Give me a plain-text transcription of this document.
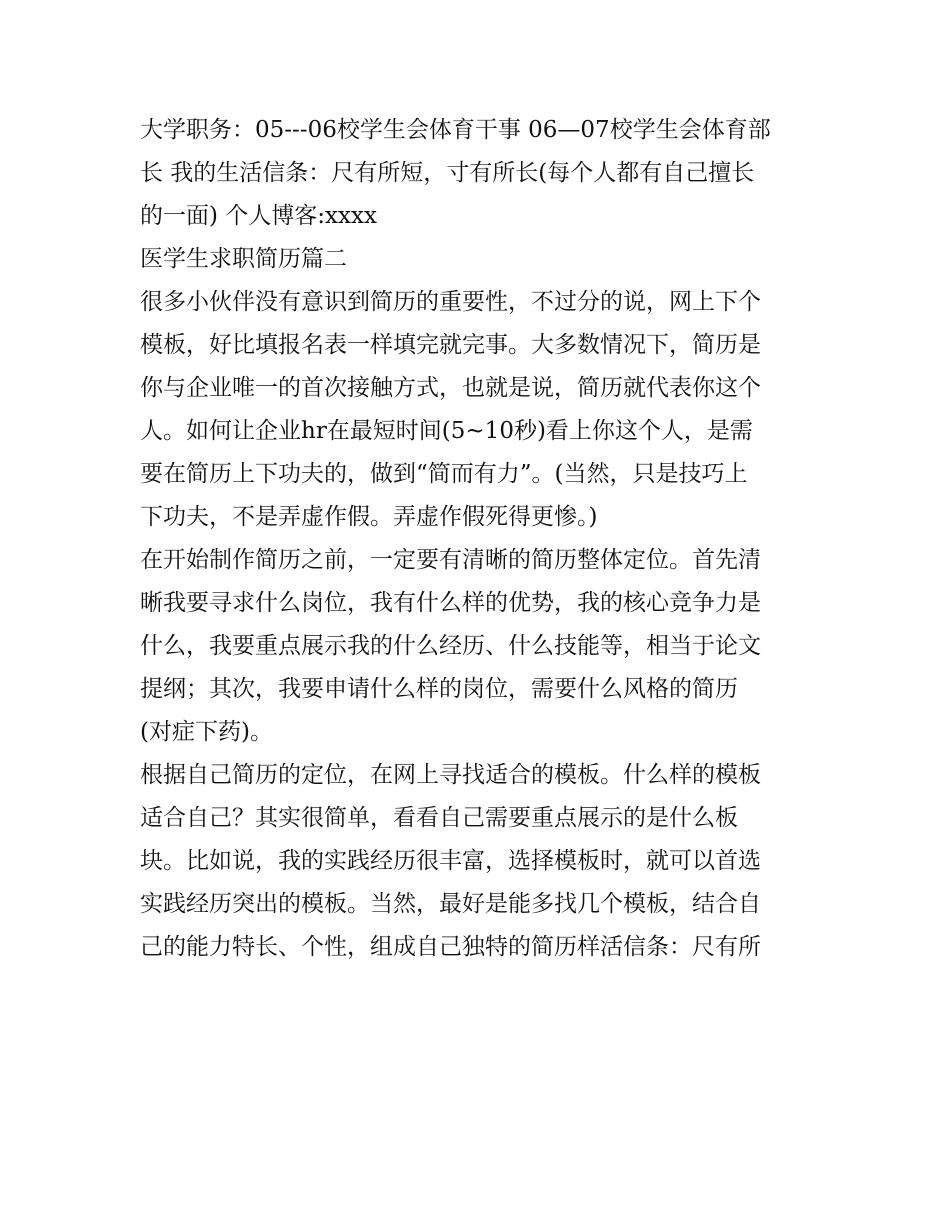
大学职务：05---06校学生会体育干事 06—07校学生会体育部
长 我的生活信条：尺有所短，寸有所长(每个人都有自己擅长
的一面) 个人博客:xxxx
医学生求职简历篇二
很多小伙伴没有意识到简历的重要性，不过分的说，网上下个
模板，好比填报名表一样填完就完事。大多数情况下，简历是
你与企业唯一的首次接触方式，也就是说，简历就代表你这个
人。如何让企业hr在最短时间(5~10秒)看上你这个人，是需
要在简历上下功夫的，做到“简而有力”。(当然，只是技巧上
下功夫，不是弄虚作假。弄虚作假死得更惨。)
在开始制作简历之前，一定要有清晰的简历整体定位。首先清
晰我要寻求什么岗位，我有什么样的优势，我的核心竞争力是
什么，我要重点展示我的什么经历、什么技能等，相当于论文
提纲；其次，我要申请什么样的岗位，需要什么风格的简历
(对症下药)。
根据自己简历的定位，在网上寻找适合的模板。什么样的模板
适合自己？其实很简单，看看自己需要重点展示的是什么板
块。比如说，我的实践经历很丰富，选择模板时，就可以首选
实践经历突出的模板。当然，最好是能多找几个模板，结合自
己的能力特长、个性，组成自己独特的简历样活信条：尺有所
